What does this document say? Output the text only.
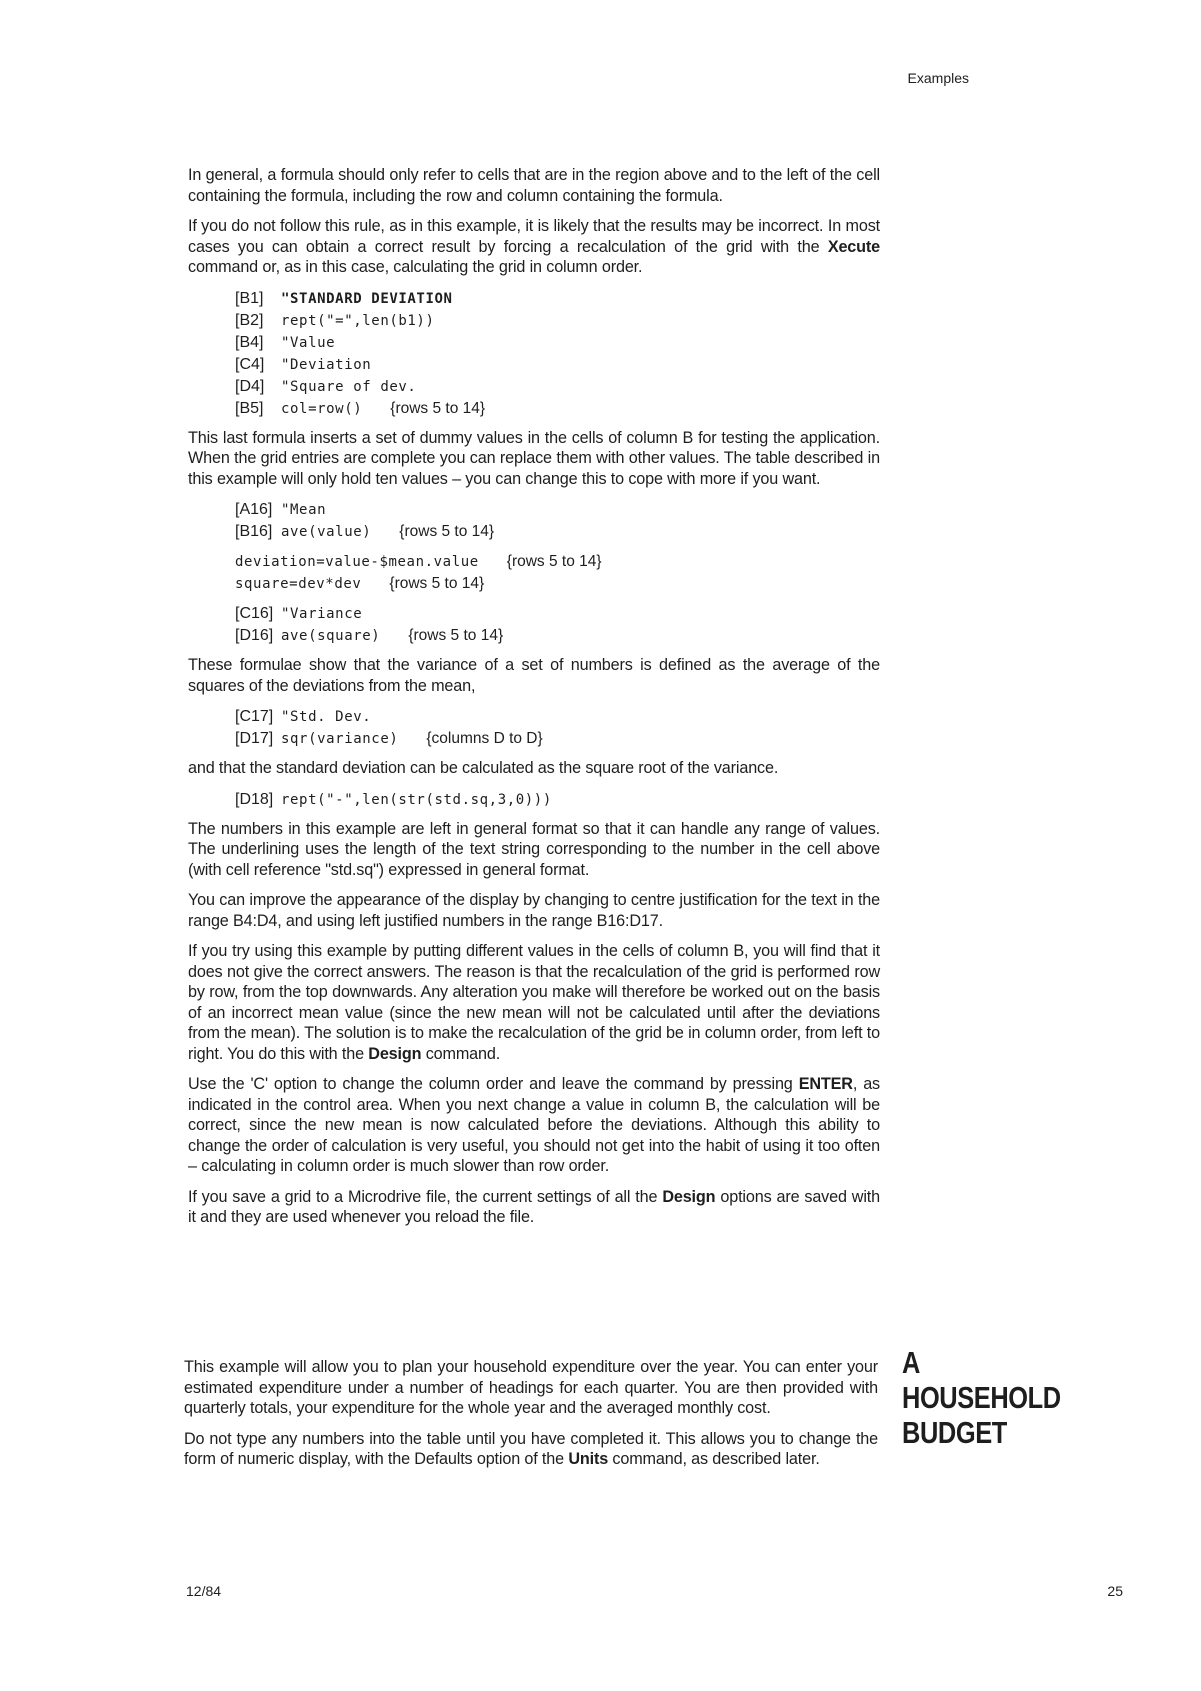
Examples

In general, a formula should only refer to cells that are in the region above and to the left of the cell containing the formula, including the row and column containing the formula.

If you do not follow this rule, as in this example, it is likely that the results may be incorrect. In most cases you can obtain a correct result by forcing a recalculation of the grid with the Xecute command or, as in this case, calculating the grid in column order.

[B1] "STANDARD DEVIATION
[B2] rept("=",len(b1))
[B4] "Value
[C4] "Deviation
[D4] "Square of dev.
[B5] col=row() {rows 5 to 14}

This last formula inserts a set of dummy values in the cells of column B for testing the application. When the grid entries are complete you can replace them with other values. The table described in this example will only hold ten values – you can change this to cope with more if you want.

[A16] "Mean
[B16] ave(value) {rows 5 to 14}
deviation=value-$mean.value {rows 5 to 14}
square=dev*dev {rows 5 to 14}
[C16] "Variance
[D16] ave(square) {rows 5 to 14}

These formulae show that the variance of a set of numbers is defined as the average of the squares of the deviations from the mean,

[C17] "Std. Dev.
[D17] sqr(variance) {columns D to D}

and that the standard deviation can be calculated as the square root of the variance.

[D18] rept("-",len(str(std.sq,3,0)))

The numbers in this example are left in general format so that it can handle any range of values. The underlining uses the length of the text string corresponding to the number in the cell above (with cell reference "std.sq") expressed in general format.

You can improve the appearance of the display by changing to centre justification for the text in the range B4:D4, and using left justified numbers in the range B16:D17.

If you try using this example by putting different values in the cells of column B, you will find that it does not give the correct answers. The reason is that the recalculation of the grid is performed row by row, from the top downwards. Any alteration you make will therefore be worked out on the basis of an incorrect mean value (since the new mean will not be calculated until after the deviations from the mean). The solution is to make the recalculation of the grid be in column order, from left to right. You do this with the Design command.

Use the 'C' option to change the column order and leave the command by pressing ENTER, as indicated in the control area. When you next change a value in column B, the calculation will be correct, since the new mean is now calculated before the deviations. Although this ability to change the order of calculation is very useful, you should not get into the habit of using it too often – calculating in column order is much slower than row order.

If you save a grid to a Microdrive file, the current settings of all the Design options are saved with it and they are used whenever you reload the file.

A HOUSEHOLD BUDGET

This example will allow you to plan your household expenditure over the year. You can enter your estimated expenditure under a number of headings for each quarter. You are then provided with quarterly totals, your expenditure for the whole year and the averaged monthly cost.

Do not type any numbers into the table until you have completed it. This allows you to change the form of numeric display, with the Defaults option of the Units command, as described later.

12/84	25
